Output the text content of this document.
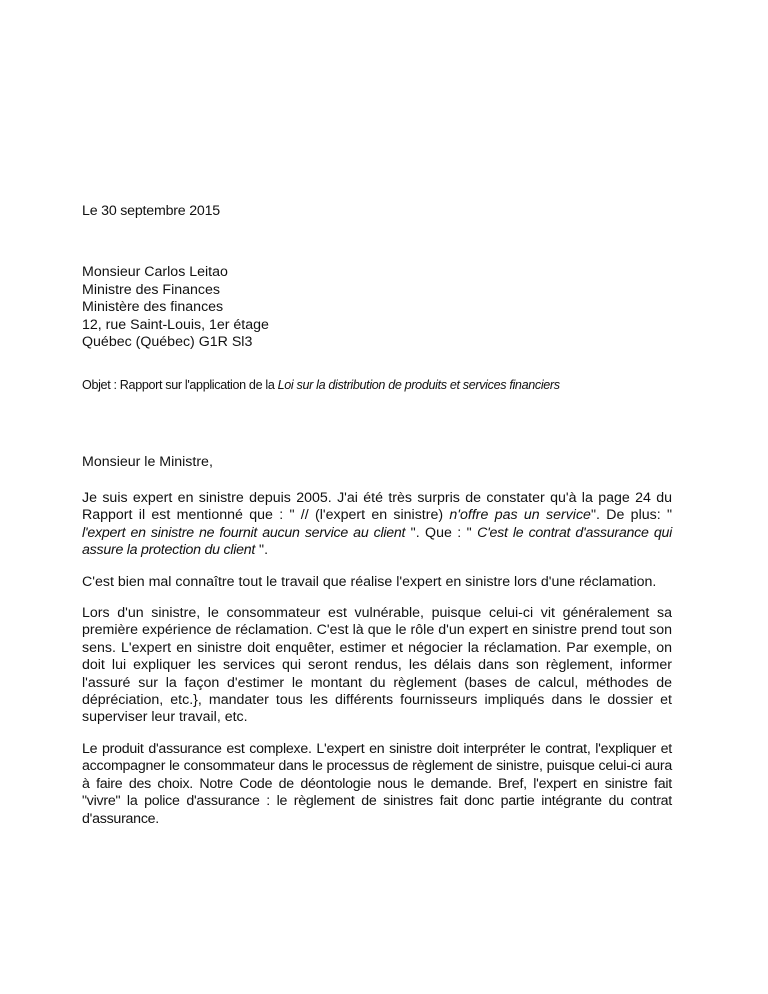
Le 30 septembre 2015
Monsieur Carlos Leitao
Ministre des Finances
Ministère des finances
12, rue Saint-Louis, 1er étage
Québec (Québec) G1R Sl3
Objet : Rapport sur l'application de la Loi sur la distribution de produits et services financiers
Monsieur le Ministre,

Je suis expert en sinistre depuis 2005. J'ai été très surpris de constater qu'à la page 24 du Rapport il est mentionné que : " // (l'expert en sinistre) n'offre pas un service". De plus: " l'expert en sinistre ne fournit aucun service au client ". Que : " C'est le contrat d'assurance qui assure la protection du client ".

C'est bien mal connaître tout le travail que réalise l'expert en sinistre lors d'une réclamation.

Lors d'un sinistre, le consommateur est vulnérable, puisque celui-ci vit généralement sa première expérience de réclamation. C'est là que le rôle d'un expert en sinistre prend tout son sens. L'expert en sinistre doit enquêter, estimer et négocier la réclamation. Par exemple, on doit lui expliquer les services qui seront rendus, les délais dans son règlement, informer l'assuré sur la façon d'estimer le montant du règlement (bases de calcul, méthodes de dépréciation, etc.}, mandater tous les différents fournisseurs impliqués dans le dossier et superviser leur travail, etc.

Le produit d'assurance est complexe. L'expert en sinistre doit interpréter le contrat, l'expliquer et accompagner le consommateur dans le processus de règlement de sinistre, puisque celui-ci aura à faire des choix. Notre Code de déontologie nous le demande. Bref, l'expert en sinistre fait "vivre" la police d'assurance : le règlement de sinistres fait donc partie intégrante du contrat d'assurance.
